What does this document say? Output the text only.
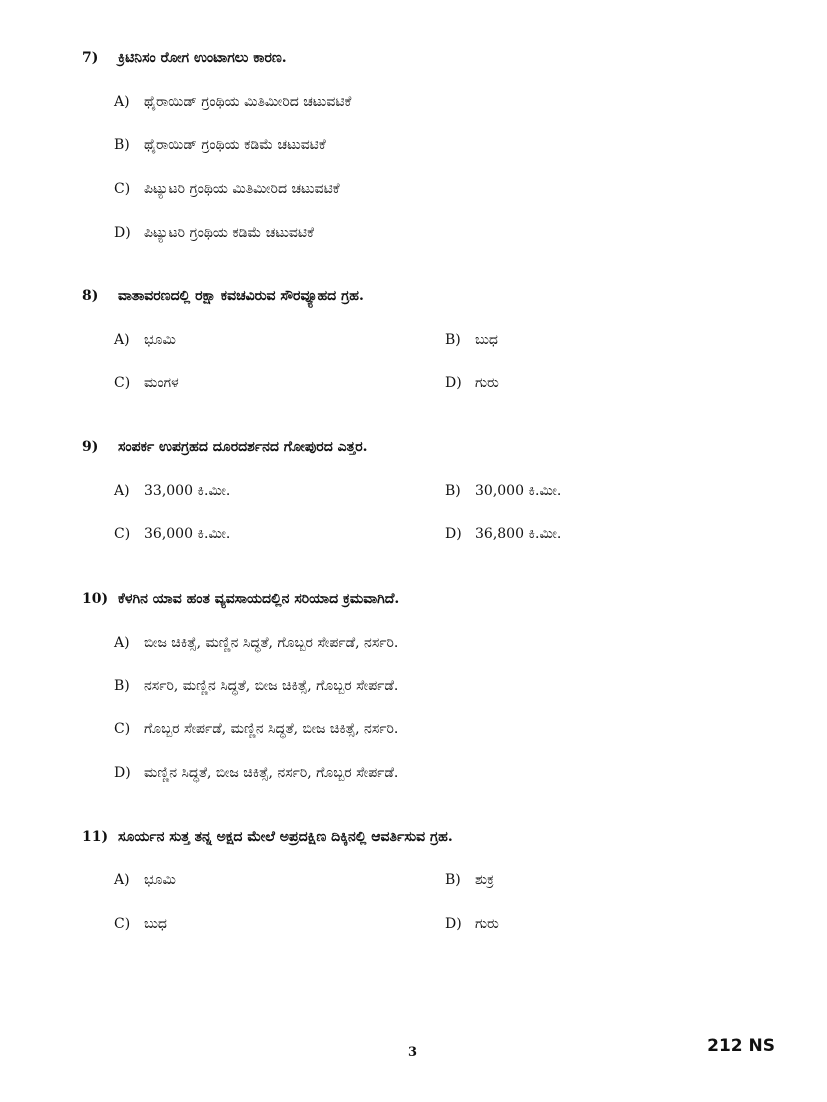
7) ಕ್ರಿಟಿನಿಸಂ ರೋಗ ಉಂಟಾಗಲು ಕಾರಣ.
A) ಥೈರಾಯಿಡ್ ಗ್ರಂಥಿಯ ಮಿತಿಮೀರಿದ ಚಟುವಟಿಕೆ
B) ಥೈರಾಯಿಡ್ ಗ್ರಂಥಿಯ ಕಡಿಮೆ ಚಟುವಟಿಕೆ
C) ಪಿಟ್ಯುಟರಿ ಗ್ರಂಥಿಯ ಮಿತಿಮೀರಿದ ಚಟುವಟಿಕೆ
D) ಪಿಟ್ಯುಟರಿ ಗ್ರಂಥಿಯ ಕಡಿಮೆ ಚಟುವಟಿಕೆ
8) ವಾತಾವರಣದಲ್ಲಿ ರಕ್ಷಾ ಕವಚವಿರುವ ಸೌರವ್ಯೂಹದ ಗ್ರಹ.
A) ಭೂಮಿ	B) ಬುಧ
C) ಮಂಗಳ	D) ಗುರು
9) ಸಂಪರ್ಕ ಉಪಗ್ರಹದ ದೂರದರ್ಶನದ ಗೋಪುರದ ಎತ್ತರ.
A) 33,000 ಕಿ.ಮೀ.	B) 30,000 ಕಿ.ಮೀ.
C) 36,000 ಕಿ.ಮೀ.	D) 36,800 ಕಿ.ಮೀ.
10) ಕೆಳಗಿನ ಯಾವ ಹಂತ ವ್ಯವಸಾಯದಲ್ಲಿನ ಸರಿಯಾದ ಕ್ರಮವಾಗಿದೆ.
A) ಬೀಜ ಚಿಕಿತ್ಸೆ, ಮಣ್ಣಿನ ಸಿದ್ಧತೆ, ಗೊಬ್ಬರ ಸೇರ್ಪಡೆ, ನರ್ಸರಿ.
B) ನರ್ಸರಿ, ಮಣ್ಣಿನ ಸಿದ್ಧತೆ, ಬೀಜ ಚಿಕಿತ್ಸೆ, ಗೊಬ್ಬರ ಸೇರ್ಪಡೆ.
C) ಗೊಬ್ಬರ ಸೇರ್ಪಡೆ, ಮಣ್ಣಿನ ಸಿದ್ಧತೆ, ಬೀಜ ಚಿಕಿತ್ಸೆ, ನರ್ಸರಿ.
D) ಮಣ್ಣಿನ ಸಿದ್ಧತೆ, ಬೀಜ ಚಿಕಿತ್ಸೆ, ನರ್ಸರಿ, ಗೊಬ್ಬರ ಸೇರ್ಪಡೆ.
11) ಸೂರ್ಯನ ಸುತ್ತ ತನ್ನ ಅಕ್ಷದ ಮೇಲೆ ಅಪ್ರದಕ್ಷಿಣ ದಿಕ್ಕಿನಲ್ಲಿ ಆವರ್ತಿಸುವ ಗ್ರಹ.
A) ಭೂಮಿ	B) ಶುಕ್ರ
C) ಬುಧ	D) ಗುರು
3	212 NS
